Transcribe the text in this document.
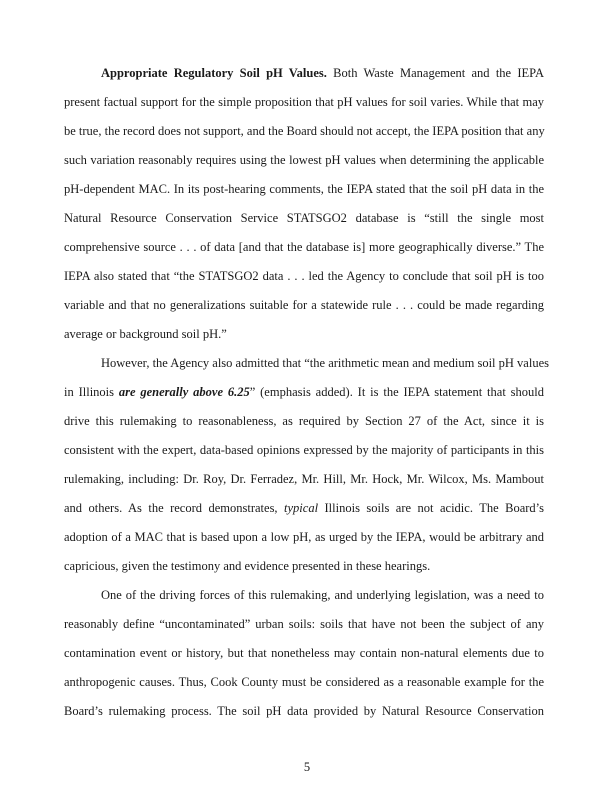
Appropriate Regulatory Soil pH Values. Both Waste Management and the IEPA
present factual support for the simple proposition that pH values for soil varies. While that may
be true, the record does not support, and the Board should not accept, the IEPA position that any
such variation reasonably requires using the lowest pH values when determining the applicable
pH-dependent MAC. In its post-hearing comments, the IEPA stated that the soil pH data in the
Natural Resource Conservation Service STATSGO2 database is “still the single most
comprehensive source . . . of data [and that the database is] more geographically diverse.” The
IEPA also stated that “the STATSGO2 data . . . led the Agency to conclude that soil pH is too
variable and that no generalizations suitable for a statewide rule . . . could be made regarding
average or background soil pH.”
However, the Agency also admitted that “the arithmetic mean and medium soil pH values
in Illinois are generally above 6.25” (emphasis added). It is the IEPA statement that should
drive this rulemaking to reasonableness, as required by Section 27 of the Act, since it is
consistent with the expert, data-based opinions expressed by the majority of participants in this
rulemaking, including: Dr. Roy, Dr. Ferradez, Mr. Hill, Mr. Hock, Mr. Wilcox, Ms. Mambout
and others. As the record demonstrates, typical Illinois soils are not acidic. The Board’s
adoption of a MAC that is based upon a low pH, as urged by the IEPA, would be arbitrary and
capricious, given the testimony and evidence presented in these hearings.
One of the driving forces of this rulemaking, and underlying legislation, was a need to
reasonably define “uncontaminated” urban soils: soils that have not been the subject of any
contamination event or history, but that nonetheless may contain non-natural elements due to
anthropogenic causes. Thus, Cook County must be considered as a reasonable example for the
Board’s rulemaking process. The soil pH data provided by Natural Resource Conservation
5
